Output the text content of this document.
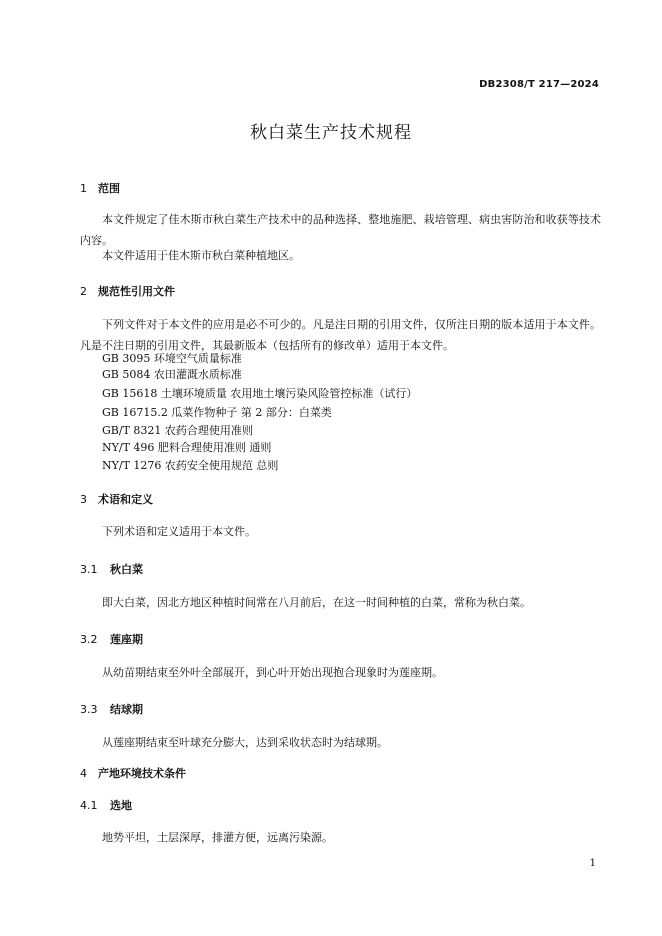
DB2308/T 217—2024
秋白菜生产技术规程
1 范围
本文件规定了佳木斯市秋白菜生产技术中的品种选择、整地施肥、栽培管理、病虫害防治和收获等技术内容。
本文件适用于佳木斯市秋白菜种植地区。
2 规范性引用文件
下列文件对于本文件的应用是必不可少的。凡是注日期的引用文件，仅所注日期的版本适用于本文件。凡是不注日期的引用文件，其最新版本（包括所有的修改单）适用于本文件。
GB 3095 环境空气质量标准
GB 5084 农田灌溉水质标准
GB 15618 土壤环境质量 农用地土壤污染风险管控标准（试行）
GB 16715.2 瓜菜作物种子 第 2 部分：白菜类
GB/T 8321 农药合理使用准则
NY/T 496 肥料合理使用准则 通则
NY/T 1276 农药安全使用规范 总则
3 术语和定义
下列术语和定义适用于本文件。
3.1 秋白菜
即大白菜，因北方地区种植时间常在八月前后，在这一时间种植的白菜，常称为秋白菜。
3.2 莲座期
从幼苗期结束至外叶全部展开，到心叶开始出现抱合现象时为莲座期。
3.3 结球期
从莲座期结束至叶球充分膨大，达到采收状态时为结球期。
4 产地环境技术条件
4.1 选地
地势平坦，土层深厚，排灌方便，远离污染源。
1
